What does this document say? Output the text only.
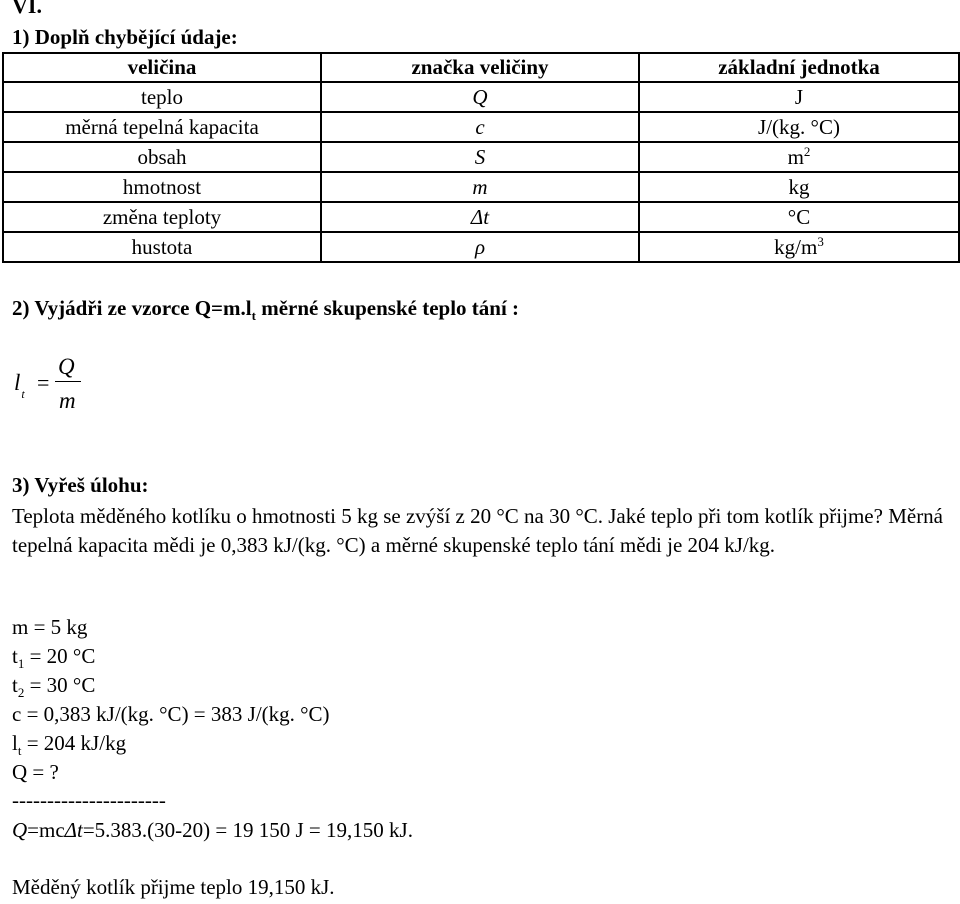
VI.
1) Doplň chybějící údaje:
veličina	značka veličiny	základní jednotka
teplo	Q	J
měrná tepelná kapacita	c	J/(kg. °C)
obsah	S	$m^2$
hmotnost	m	kg
změna teploty	Δt	°C
hustota	ρ	$kg/m^3$
2) Vyjádři ze vzorce $Q=m.l_t$ měrné skupenské teplo tání :
$l_t$ =
Q
m
3) Vyřeš úlohu:
Teplota měděného kotlíku o hmotnosti 5 kg se zvýší z 20 °C na 30 °C. Jaké teplo při tom kotlík přijme? Měrná tepelná kapacita mědi je 0,383 kJ/(kg. °C) a měrné skupenské teplo tání mědi je 204 kJ/kg.
m = 5 kg
$t_1 = 20$ °C
$t_2 = 30$ °C
c = 0,383 kJ/(kg. °C) = 383 J/(kg. °C)
$l_t = 204$ kJ/kg
Q = ?
----------------------
Q=mcΔt=5.383.(30-20) = 19 150 J = 19,150 kJ.
Měděný kotlík přijme teplo 19,150 kJ.
